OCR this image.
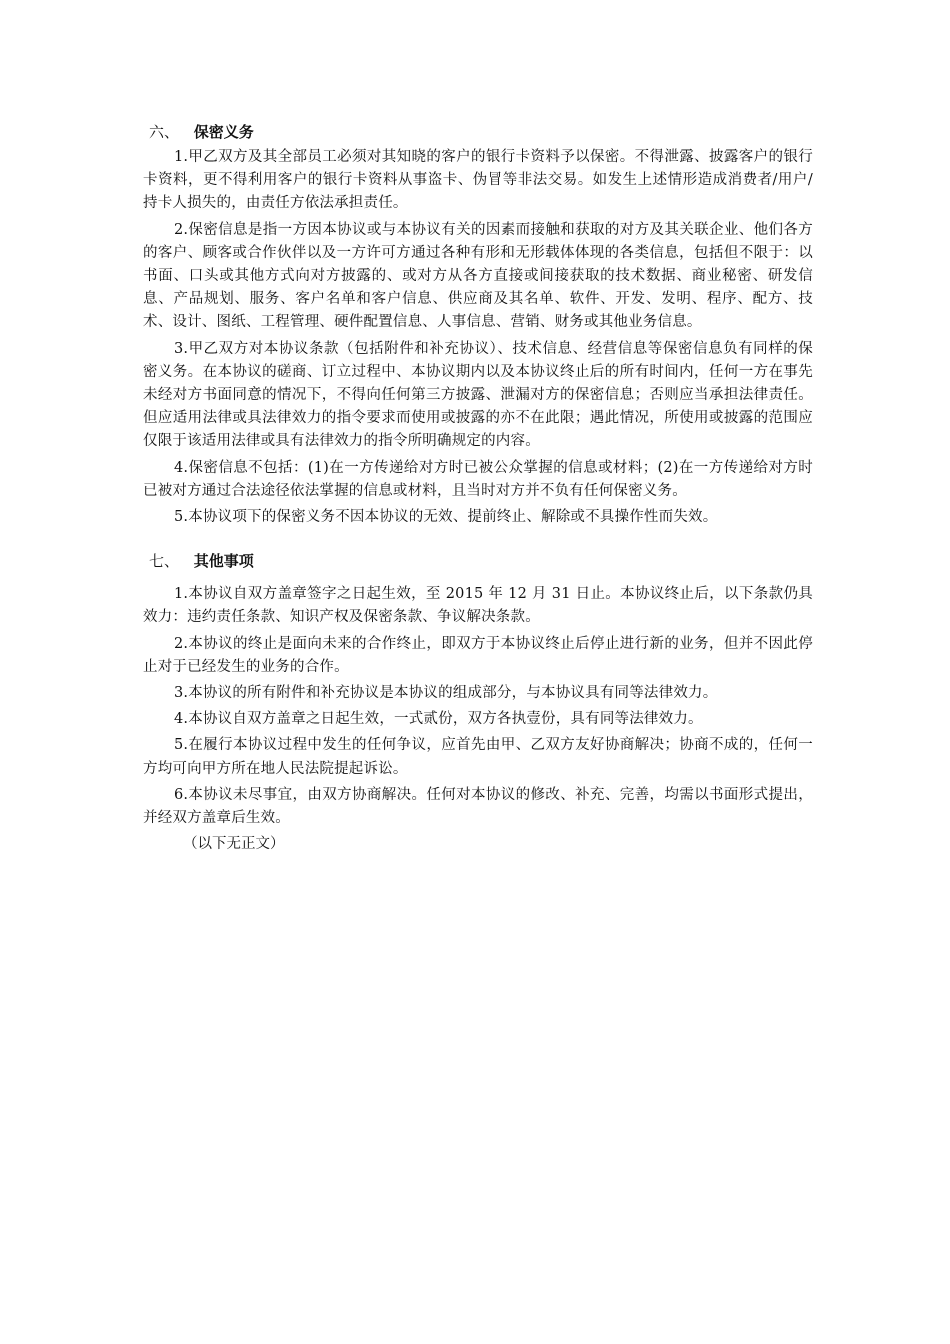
六、 保密义务

1.甲乙双方及其全部员工必须对其知晓的客户的银行卡资料予以保密。不得泄露、披露客户的银行卡资料，更不得利用客户的银行卡资料从事盗卡、伪冒等非法交易。如发生上述情形造成消费者/用户/持卡人损失的，由责任方依法承担责任。

2.保密信息是指一方因本协议或与本协议有关的因素而接触和获取的对方及其关联企业、他们各方的客户、顾客或合作伙伴以及一方许可方通过各种有形和无形载体体现的各类信息，包括但不限于：以书面、口头或其他方式向对方披露的、或对方从各方直接或间接获取的技术数据、商业秘密、研发信息、产品规划、服务、客户名单和客户信息、供应商及其名单、软件、开发、发明、程序、配方、技术、设计、图纸、工程管理、硬件配置信息、人事信息、营销、财务或其他业务信息。

3.甲乙双方对本协议条款（包括附件和补充协议）、技术信息、经营信息等保密信息负有同样的保密义务。在本协议的磋商、订立过程中、本协议期内以及本协议终止后的所有时间内，任何一方在事先未经对方书面同意的情况下，不得向任何第三方披露、泄漏对方的保密信息；否则应当承担法律责任。但应适用法律或具法律效力的指令要求而使用或披露的亦不在此限；遇此情况，所使用或披露的范围应仅限于该适用法律或具有法律效力的指令所明确规定的内容。

4.保密信息不包括：(1)在一方传递给对方时已被公众掌握的信息或材料；(2)在一方传递给对方时已被对方通过合法途径依法掌握的信息或材料，且当时对方并不负有任何保密义务。

5.本协议项下的保密义务不因本协议的无效、提前终止、解除或不具操作性而失效。

七、 其他事项

1.本协议自双方盖章签字之日起生效，至 2015 年 12 月 31 日止。本协议终止后，以下条款仍具效力：违约责任条款、知识产权及保密条款、争议解决条款。

2.本协议的终止是面向未来的合作终止，即双方于本协议终止后停止进行新的业务，但并不因此停止对于已经发生的业务的合作。

3.本协议的所有附件和补充协议是本协议的组成部分，与本协议具有同等法律效力。

4.本协议自双方盖章之日起生效，一式贰份，双方各执壹份，具有同等法律效力。

5.在履行本协议过程中发生的任何争议，应首先由甲、乙双方友好协商解决；协商不成的，任何一方均可向甲方所在地人民法院提起诉讼。

6.本协议未尽事宜，由双方协商解决。任何对本协议的修改、补充、完善，均需以书面形式提出，并经双方盖章后生效。

（以下无正文）
